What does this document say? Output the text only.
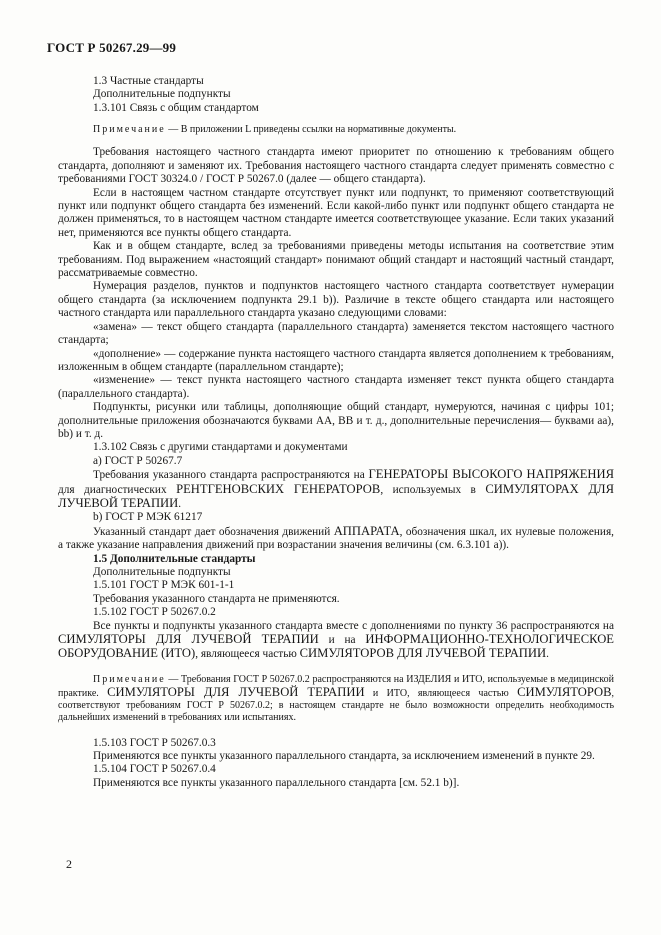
ГОСТ Р 50267.29—99
1.3 Частные стандарты
Дополнительные подпункты
1.3.101 Связь с общим стандартом

Примечание — В приложении L приведены ссылки на нормативные документы.

Требования настоящего частного стандарта имеют приоритет по отношению к требованиям общего стандарта, дополняют и заменяют их. Требования настоящего частного стандарта следует применять совместно с требованиями ГОСТ 30324.0 / ГОСТ Р 50267.0 (далее — общего стандарта).

Если в настоящем частном стандарте отсутствует пункт или подпункт, то применяют соответствующий пункт или подпункт общего стандарта без изменений. Если какой-либо пункт или подпункт общего стандарта не должен применяться, то в настоящем частном стандарте имеется соответствующее указание. Если таких указаний нет, применяются все пункты общего стандарта.

Как и в общем стандарте, вслед за требованиями приведены методы испытания на соответствие этим требованиям. Под выражением «настоящий стандарт» понимают общий стандарт и настоящий частный стандарт, рассматриваемые совместно.

Нумерация разделов, пунктов и подпунктов настоящего частного стандарта соответствует нумерации общего стандарта (за исключением подпункта 29.1 b)). Различие в тексте общего стандарта или настоящего частного стандарта или параллельного стандарта указано следующими словами:

«замена» — текст общего стандарта (параллельного стандарта) заменяется текстом настоящего частного стандарта;

«дополнение» — содержание пункта настоящего частного стандарта является дополнением к требованиям, изложенным в общем стандарте (параллельном стандарте);

«изменение» — текст пункта настоящего частного стандарта изменяет текст пункта общего стандарта (параллельного стандарта).

Подпункты, рисунки или таблицы, дополняющие общий стандарт, нумеруются, начиная с цифры 101; дополнительные приложения обозначаются буквами АА, ВВ и т. д., дополнительные перечисления— буквами аа), bb) и т. д.

1.3.102 Связь с другими стандартами и документами
a) ГОСТ Р 50267.7

Требования указанного стандарта распространяются на ГЕНЕРАТОРЫ ВЫСОКОГО НАПРЯЖЕНИЯ для диагностических РЕНТГЕНОВСКИХ ГЕНЕРАТОРОВ, используемых в СИМУЛЯТОРАХ ДЛЯ ЛУЧЕВОЙ ТЕРАПИИ.

b) ГОСТ Р МЭК 61217

Указанный стандарт дает обозначения движений АППАРАТА, обозначения шкал, их нулевые положения, а также указание направления движений при возрастании значения величины (см. 6.3.101 а)).

1.5 Дополнительные стандарты
Дополнительные подпункты
1.5.101 ГОСТ Р МЭК 601-1-1
Требования указанного стандарта не применяются.
1.5.102 ГОСТ Р 50267.0.2

Все пункты и подпункты указанного стандарта вместе с дополнениями по пункту 36 распространяются на СИМУЛЯТОРЫ ДЛЯ ЛУЧЕВОЙ ТЕРАПИИ и на ИНФОРМАЦИОННО-ТЕХНОЛОГИЧЕСКОЕ ОБОРУДОВАНИЕ (ИТО), являющееся частью СИМУЛЯТОРОВ ДЛЯ ЛУЧЕВОЙ ТЕРАПИИ.

Примечание — Требования ГОСТ Р 50267.0.2 распространяются на ИЗДЕЛИЯ и ИТО, используемые в медицинской практике. СИМУЛЯТОРЫ ДЛЯ ЛУЧЕВОЙ ТЕРАПИИ и ИТО, являющееся частью СИМУЛЯТОРОВ, соответствуют требованиям ГОСТ Р 50267.0.2; в настоящем стандарте не было возможности определить необходимость дальнейших изменений в требованиях или испытаниях.

1.5.103 ГОСТ Р 50267.0.3

Применяются все пункты указанного параллельного стандарта, за исключением изменений в пункте 29.

1.5.104 ГОСТ Р 50267.0.4

Применяются все пункты указанного параллельного стандарта [см. 52.1 b)].

2
